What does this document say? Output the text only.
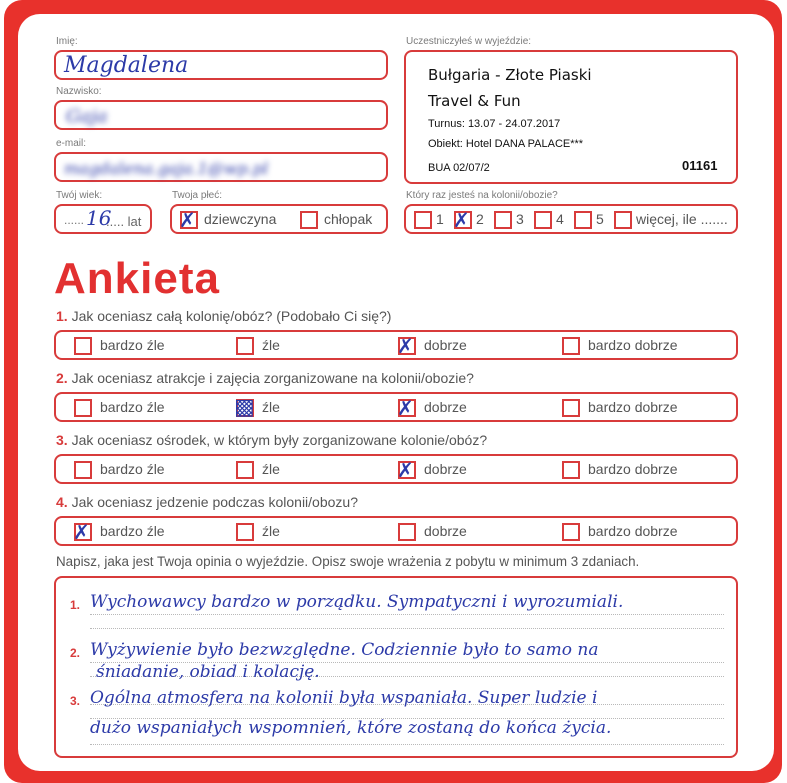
Imię:
Magdalena
Nazwisko:
Gaja
e-mail:
magdalena.gaja.1@wp.pl
Twój wiek:
...... 16
..... lat
Twoja płeć:
✗ dziewczyna	chłopak
Uczestniczyłeś w wyjeździe:
Bułgaria - Złote Piaski
Travel & Fun
Turnus: 13.07 - 24.07.2017
Obiekt: Hotel DANA PALACE***
BUA 02/07/2	01161
Który raz jesteś na kolonii/obozie?
1 ✗ 2 3 4 5 więcej, ile .......
Ankieta
1. Jak oceniasz całą kolonię/obóz? (Podobało Ci się?)
bardzo źle	źle	✗ dobrze	bardzo dobrze
2. Jak oceniasz atrakcje i zajęcia zorganizowane na kolonii/obozie?
bardzo źle	▩ źle	✗ dobrze	bardzo dobrze
3. Jak oceniasz ośrodek, w którym były zorganizowane kolonie/obóz?
bardzo źle	źle	✗ dobrze	bardzo dobrze
4. Jak oceniasz jedzenie podczas kolonii/obozu?
✗ bardzo źle	źle	dobrze	bardzo dobrze
Napisz, jaka jest Twoja opinia o wyjeździe. Opisz swoje wrażenia z pobytu w minimum 3 zdaniach.
1.
2.
3.
Wychowawcy bardzo w porządku. Sympatyczni i wyrozumiali.
Wyżywienie było bezwzględne. Codziennie było to samo na
śniadanie, obiad i kolację.
Ogólna atmosfera na kolonii była wspaniała. Super ludzie i
dużo wspaniałych wspomnień, które zostaną do końca życia.
